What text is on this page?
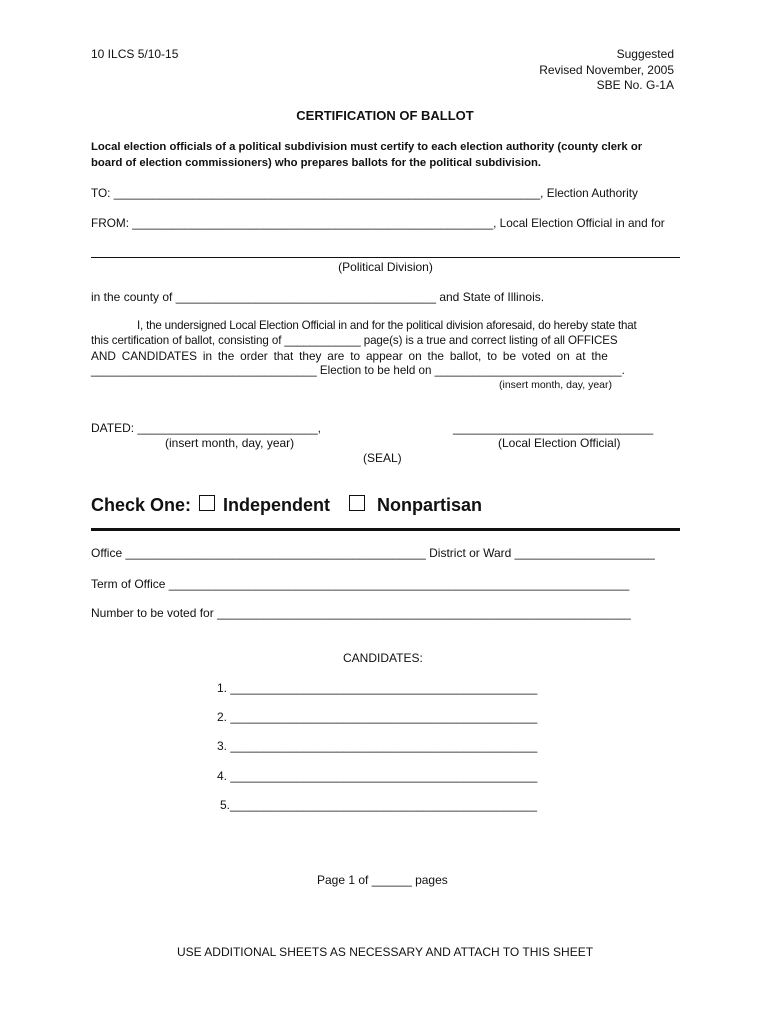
10 ILCS 5/10-15	Suggested
Revised November, 2005
SBE No. G-1A
CERTIFICATION OF BALLOT
Local election officials of a political subdivision must certify to each election authority (county clerk or
board of election commissioners) who prepares ballots for the political subdivision.
TO: _________________________________________________________________, Election Authority
FROM: _______________________________________________________, Local Election Official in and for
(Political Division)
in the county of _______________________________________ and State of Illinois.
I, the undersigned Local Election Official in and for the political division aforesaid, do hereby state that
this certification of ballot, consisting of ____________ page(s) is a true and correct listing of all OFFICES
AND CANDIDATES in the order that they are to appear on the ballot, to be voted on at the
___________________________________ Election to be held on _____________________________.
(insert month, day, year)
DATED: ___________________________,	______________________________
(insert month, day, year)	(Local Election Official)
(SEAL)
Check One: Independent	Nonpartisan
Office _____________________________________________ District or Ward _____________________
Term of Office _____________________________________________________________________
Number to be voted for ______________________________________________________________
CANDIDATES:
1. ______________________________________________
2. ______________________________________________
3. ______________________________________________
4. ______________________________________________
5.______________________________________________
Page 1 of ______ pages
USE ADDITIONAL SHEETS AS NECESSARY AND ATTACH TO THIS SHEET
